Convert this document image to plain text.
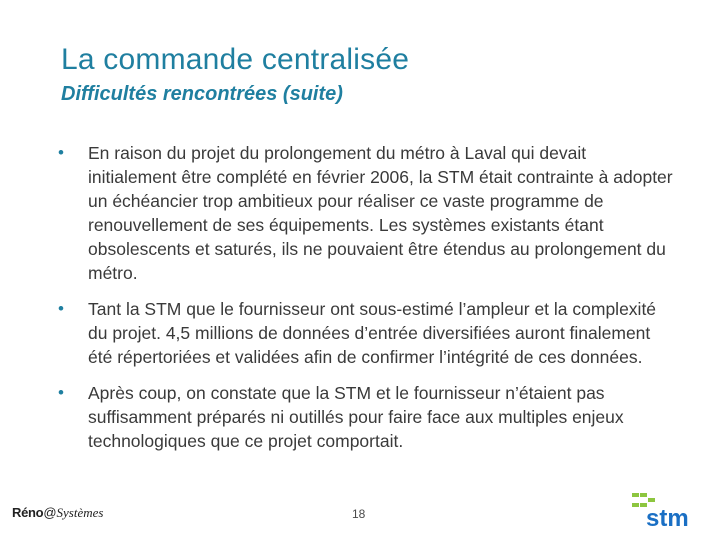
La commande centralisée
Difficultés rencontrées (suite)
• En raison du projet du prolongement du métro à Laval qui devait initialement être complété en février 2006, la STM était contrainte à adopter un échéancier trop ambitieux pour réaliser ce vaste programme de renouvellement de ses équipements. Les systèmes existants étant obsolescents et saturés, ils ne pouvaient être étendus au prolongement du métro.
• Tant la STM que le fournisseur ont sous-estimé l’ampleur et la complexité du projet. 4,5 millions de données d’entrée diversifiées auront finalement été répertoriées et validées afin de confirmer l’intégrité de ces données.
• Après coup, on constate que la STM et le fournisseur n’étaient pas suffisamment préparés ni outillés pour faire face aux multiples enjeux technologiques que ce projet comportait.
Réno@Systèmes	18	stm
